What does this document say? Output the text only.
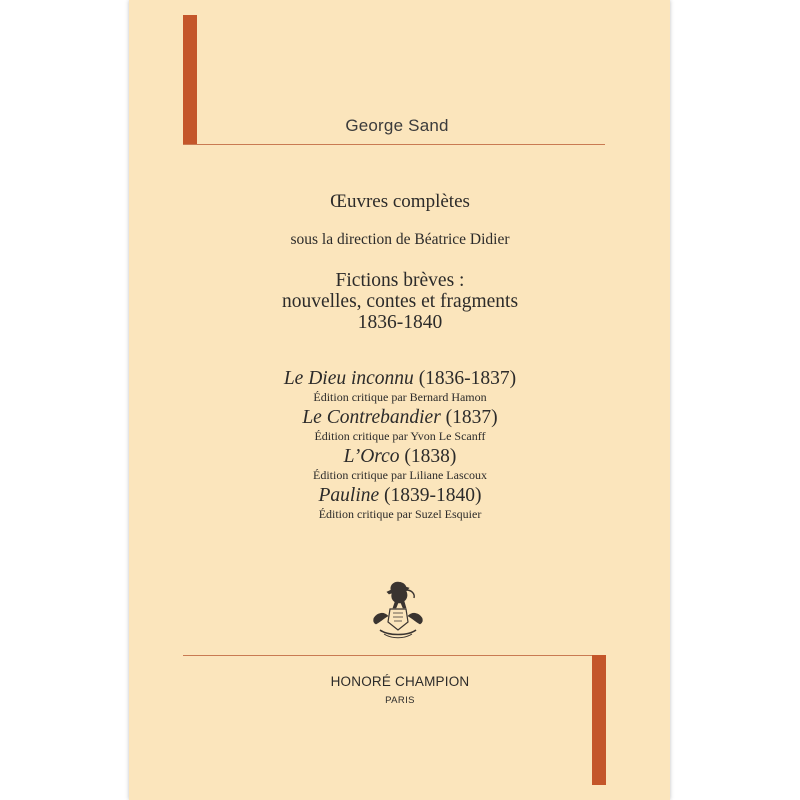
George Sand
Œuvres complètes
sous la direction de Béatrice Didier
Fictions brèves :
nouvelles, contes et fragments
1836-1840
Le Dieu inconnu (1836-1837)
Édition critique par Bernard Hamon
Le Contrebandier (1837)
Édition critique par Yvon Le Scanff
L’Orco (1838)
Édition critique par Liliane Lascoux
Pauline (1839-1840)
Édition critique par Suzel Esquier
HONORÉ CHAMPION
PARIS
